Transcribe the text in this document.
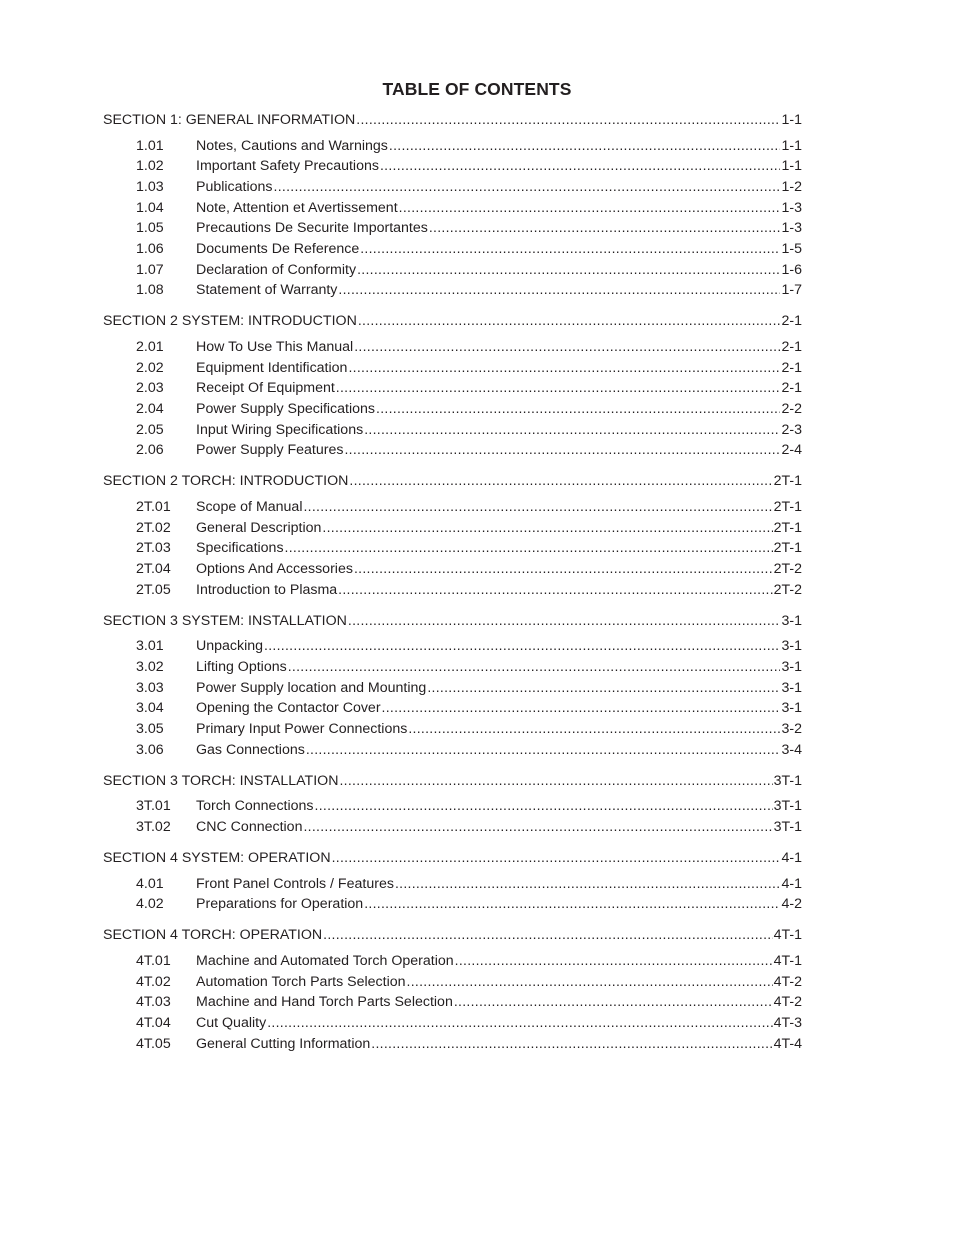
TABLE OF CONTENTS
SECTION 1: GENERAL INFORMATION .....	1-1
1.01	Notes, Cautions and Warnings .....	1-1
1.02	Important Safety Precautions .....	1-1
1.03	Publications .....	1-2
1.04	Note, Attention et Avertissement .....	1-3
1.05	Precautions De Securite Importantes .....	1-3
1.06	Documents De Reference .....	1-5
1.07	Declaration of Conformity .....	1-6
1.08	Statement of Warranty .....	1-7
SECTION 2 SYSTEM: INTRODUCTION .....	2-1
2.01	How To Use This Manual .....	2-1
2.02	Equipment Identification .....	2-1
2.03	Receipt Of Equipment .....	2-1
2.04	Power Supply Specifications .....	2-2
2.05	Input Wiring Specifications .....	2-3
2.06	Power Supply Features .....	2-4
SECTION 2 TORCH: INTRODUCTION .....	2T-1
2T.01	Scope of Manual .....	2T-1
2T.02	General Description .....	2T-1
2T.03	Specifications .....	2T-1
2T.04	Options And Accessories .....	2T-2
2T.05	Introduction to Plasma .....	2T-2
SECTION 3 SYSTEM: INSTALLATION .....	3-1
3.01	Unpacking .....	3-1
3.02	Lifting Options .....	3-1
3.03	Power Supply location and Mounting .....	3-1
3.04	Opening the Contactor Cover .....	3-1
3.05	Primary Input Power Connections .....	3-2
3.06	Gas Connections .....	3-4
SECTION 3 TORCH: INSTALLATION .....	3T-1
3T.01	Torch Connections .....	3T-1
3T.02	CNC Connection .....	3T-1
SECTION 4 SYSTEM: OPERATION .....	4-1
4.01	Front Panel Controls / Features .....	4-1
4.02	Preparations for Operation .....	4-2
SECTION 4 TORCH: OPERATION .....	4T-1
4T.01	Machine and Automated Torch Operation .....	4T-1
4T.02	Automation Torch Parts Selection .....	4T-2
4T.03	Machine and Hand Torch Parts Selection .....	4T-2
4T.04	Cut Quality .....	4T-3
4T.05	General Cutting Information .....	4T-4
